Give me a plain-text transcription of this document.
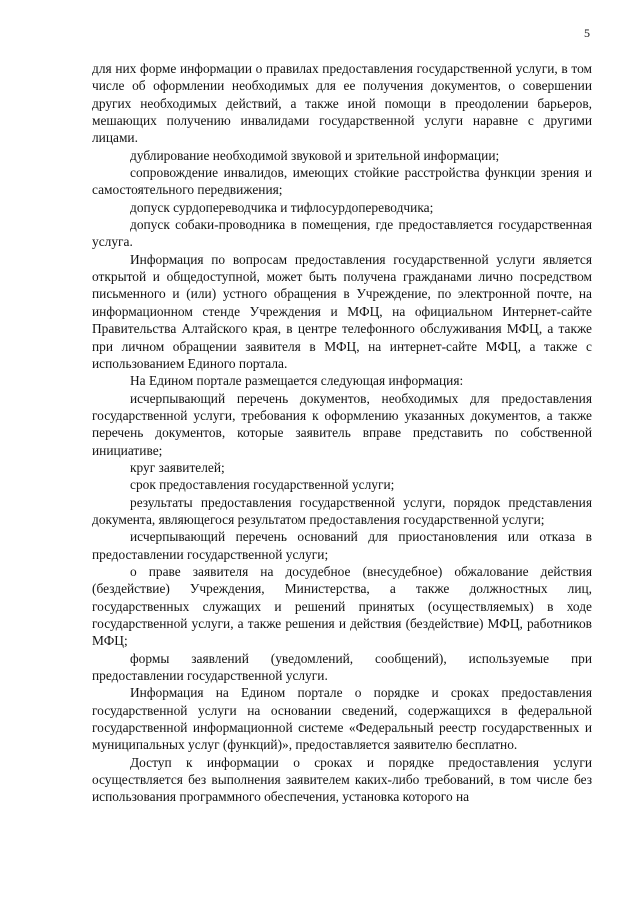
5

для них форме информации о правилах предоставления государственной услуги, в том числе об оформлении необходимых для ее получения документов, о совершении других необходимых действий, а также иной помощи в преодолении барьеров, мешающих получению инвалидами государственной услуги наравне с другими лицами.

дублирование необходимой звуковой и зрительной информации;

сопровождение инвалидов, имеющих стойкие расстройства функции зрения и самостоятельного передвижения;

допуск сурдопереводчика и тифлосурдопереводчика;

допуск собаки-проводника в помещения, где предоставляется государственная услуга.

Информация по вопросам предоставления государственной услуги является открытой и общедоступной, может быть получена гражданами лично посредством письменного и (или) устного обращения в Учреждение, по электронной почте, на информационном стенде Учреждения и МФЦ, на официальном Интернет-сайте Правительства Алтайского края, в центре телефонного обслуживания МФЦ, а также при личном обращении заявителя в МФЦ, на интернет-сайте МФЦ, а также с использованием Единого портала.

На Едином портале размещается следующая информация:

исчерпывающий перечень документов, необходимых для предоставления государственной услуги, требования к оформлению указанных документов, а также перечень документов, которые заявитель вправе представить по собственной инициативе;

круг заявителей;

срок предоставления государственной услуги;

результаты предоставления государственной услуги, порядок представления документа, являющегося результатом предоставления государственной услуги;

исчерпывающий перечень оснований для приостановления или отказа в предоставлении государственной услуги;

о праве заявителя на досудебное (внесудебное) обжалование действия (бездействие) Учреждения, Министерства, а также должностных лиц, государственных служащих и решений принятых (осуществляемых) в ходе государственной услуги, а также решения и действия (бездействие) МФЦ, работников МФЦ;

формы заявлений (уведомлений, сообщений), используемые при предоставлении государственной услуги.

Информация на Едином портале о порядке и сроках предоставления государственной услуги на основании сведений, содержащихся в федеральной государственной информационной системе «Федеральный реестр государственных и муниципальных услуг (функций)», предоставляется заявителю бесплатно.

Доступ к информации о сроках и порядке предоставления услуги осуществляется без выполнения заявителем каких-либо требований, в том числе без использования программного обеспечения, установка которого на
